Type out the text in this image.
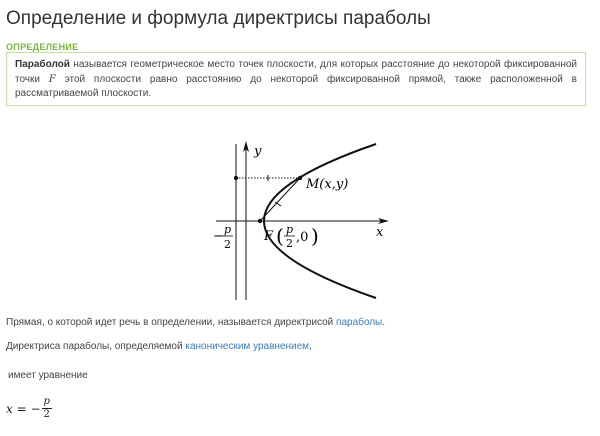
Определение и формула директрисы параболы
ОПРЕДЕЛЕНИЕ
Параболой называется геометрическое место точек плоскости, для которых расстояние до некоторой фиксированной точки F этой плоскости равно расстоянию до некоторой фиксированной прямой, также расположенной в рассматриваемой плоскости.
y
x
M(x,y)
F ( p
2 ,0 )
− p
2

Прямая, о которой идет речь в определении, называется директрисой параболы.

Директриса параболы, определяемой каноническим уравнением,

имеет уравнение

x = − $\frac{p}{2}$
